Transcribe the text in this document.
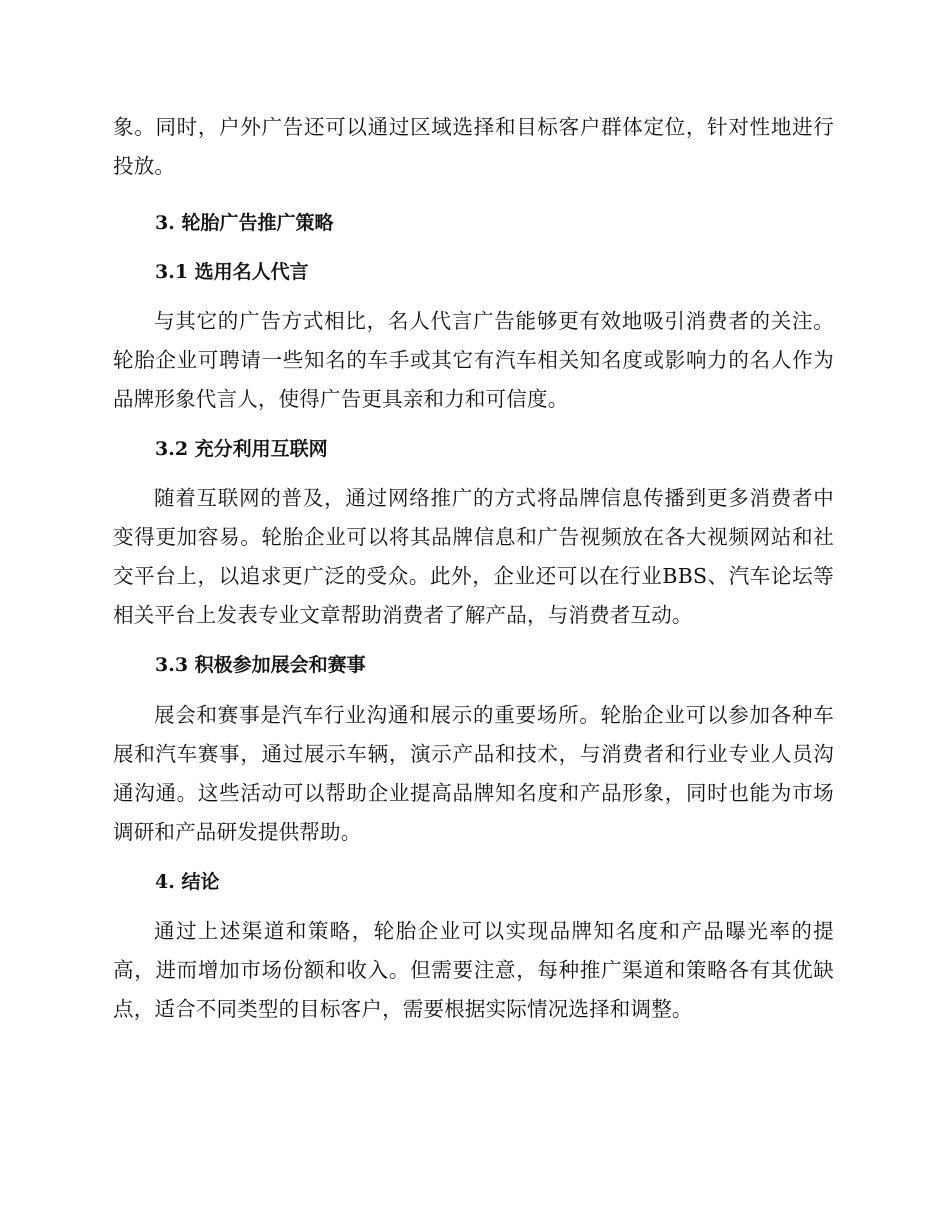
象。同时，户外广告还可以通过区域选择和目标客户群体定位，针对性地进行投放。

3. 轮胎广告推广策略
3.1 选用名人代言

与其它的广告方式相比，名人代言广告能够更有效地吸引消费者的关注。轮胎企业可聘请一些知名的车手或其它有汽车相关知名度或影响力的名人作为品牌形象代言人，使得广告更具亲和力和可信度。

3.2 充分利用互联网

随着互联网的普及，通过网络推广的方式将品牌信息传播到更多消费者中变得更加容易。轮胎企业可以将其品牌信息和广告视频放在各大视频网站和社交平台上，以追求更广泛的受众。此外，企业还可以在行业BBS、汽车论坛等相关平台上发表专业文章帮助消费者了解产品，与消费者互动。

3.3 积极参加展会和赛事

展会和赛事是汽车行业沟通和展示的重要场所。轮胎企业可以参加各种车展和汽车赛事，通过展示车辆，演示产品和技术，与消费者和行业专业人员沟通沟通。这些活动可以帮助企业提高品牌知名度和产品形象，同时也能为市场调研和产品研发提供帮助。

4. 结论

通过上述渠道和策略，轮胎企业可以实现品牌知名度和产品曝光率的提高，进而增加市场份额和收入。但需要注意，每种推广渠道和策略各有其优缺点，适合不同类型的目标客户，需要根据实际情况选择和调整。
